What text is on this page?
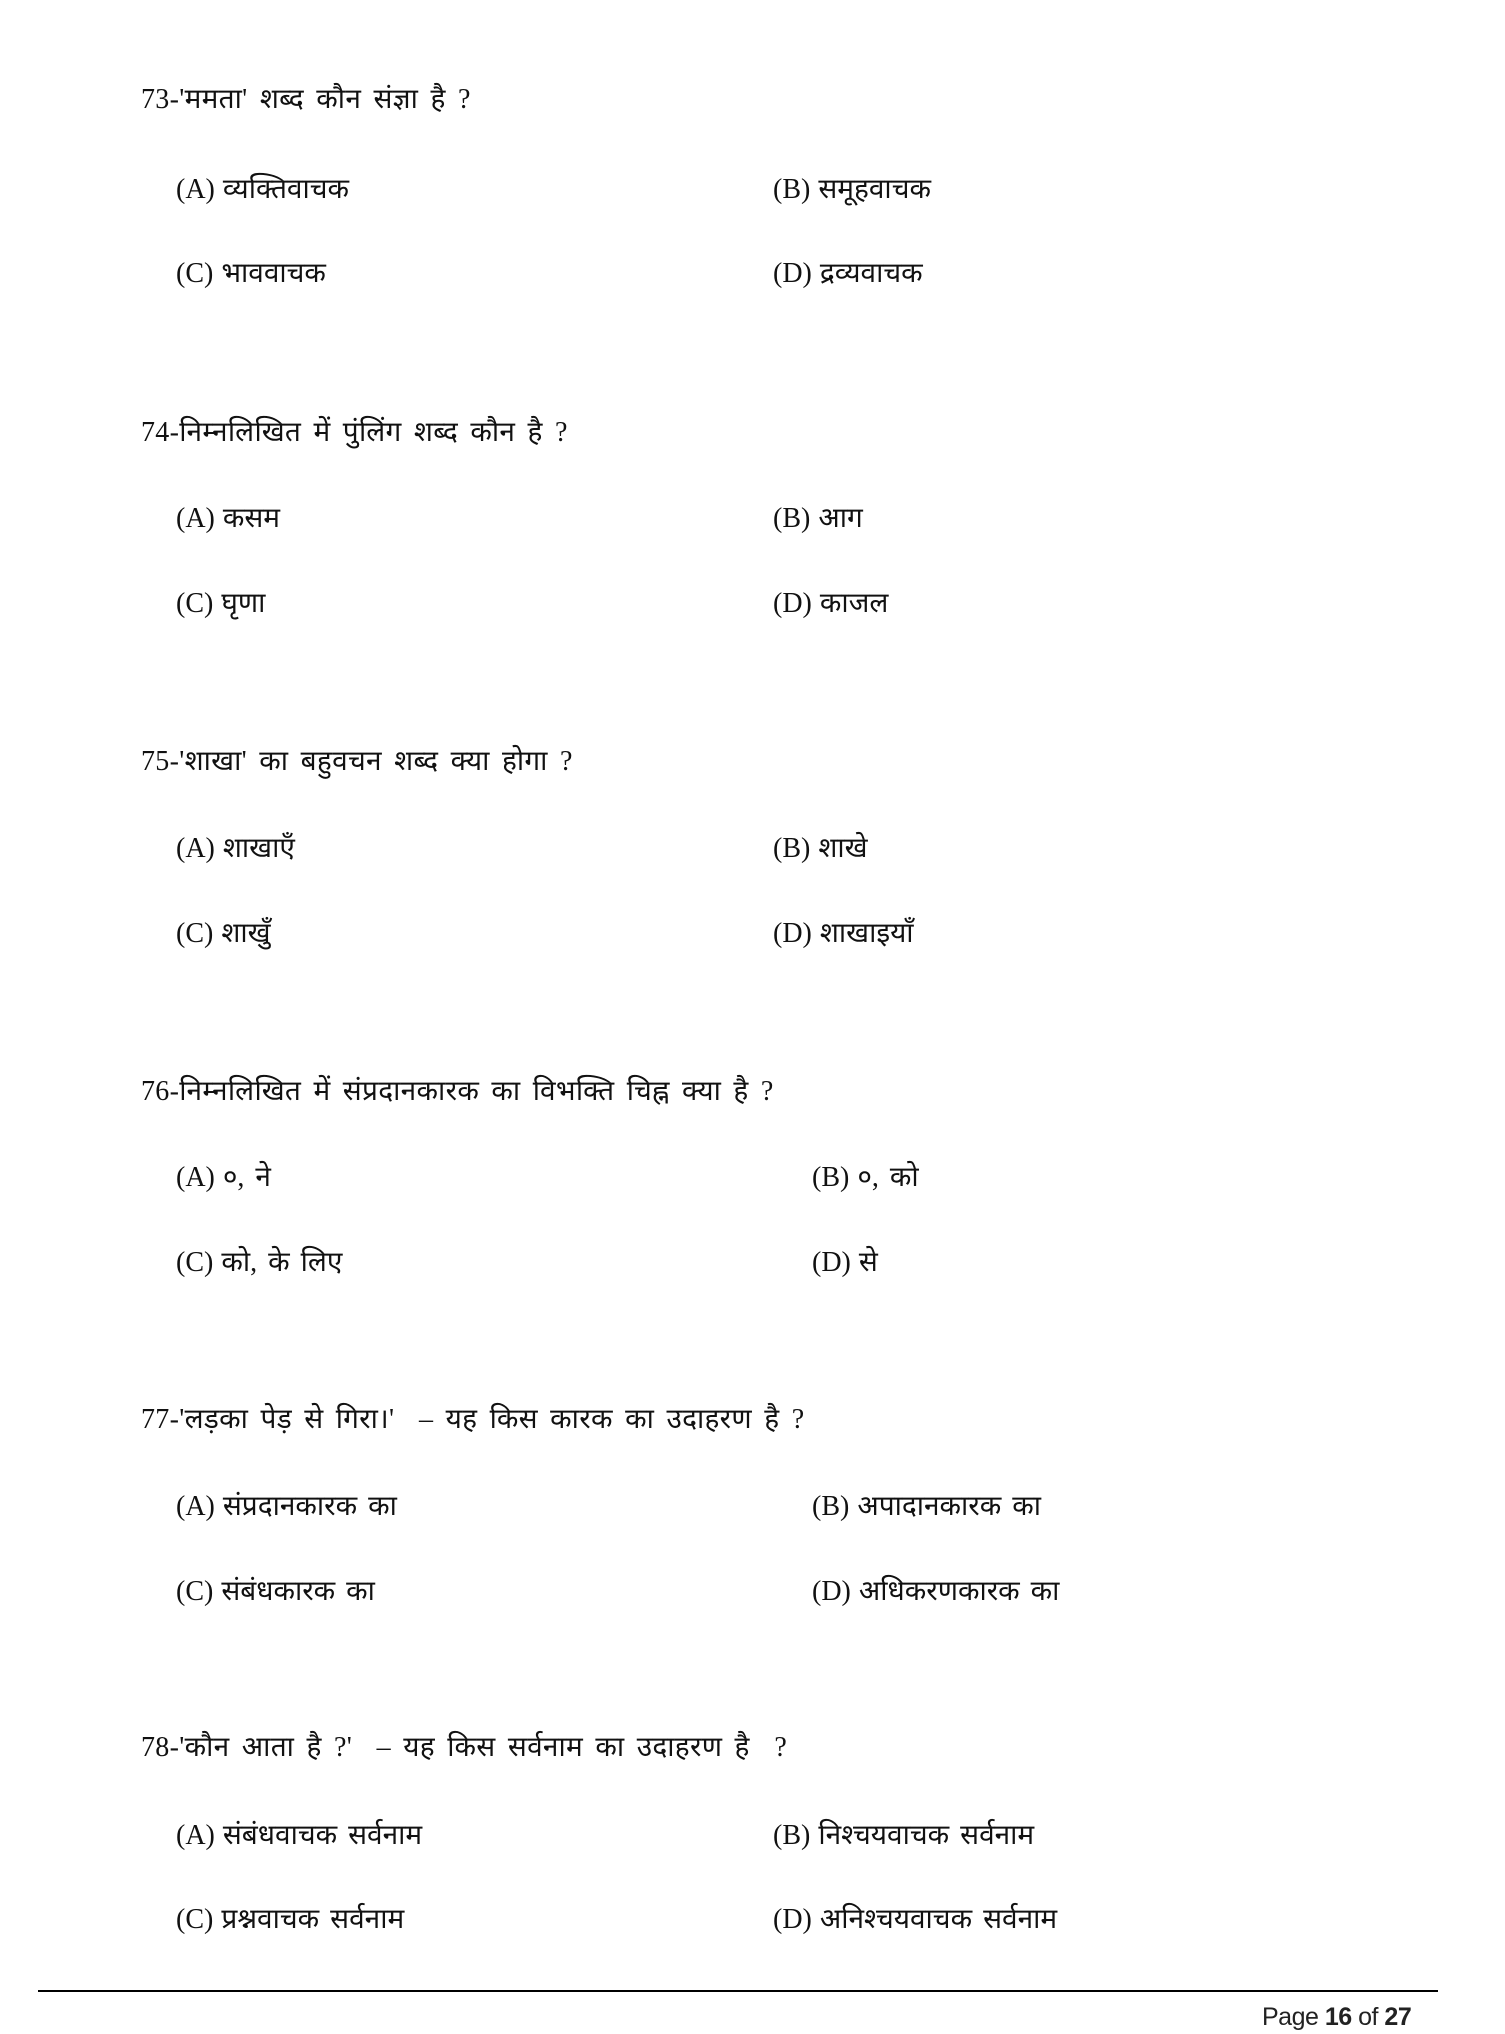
73-'ममता' शब्द कौन संज्ञा है ?
(A) व्यक्तिवाचक	(B) समूहवाचक
(C) भाववाचक	(D) द्रव्यवाचक
74-निम्नलिखित में पुंलिंग शब्द कौन है ?
(A) कसम	(B) आग
(C) घृणा	(D) काजल
75-'शाखा' का बहुवचन शब्द क्या होगा ?
(A) शाखाएँ	(B) शाखे
(C) शाखुँ	(D) शाखाइयाँ
76-निम्नलिखित में संप्रदानकारक का विभक्ति चिह्न क्या है ?
(A) ०, ने	(B) ०, को
(C) को, के लिए	(D) से
77-'लड़का पेड़ से गिरा।'  – यह किस कारक का उदाहरण है ?
(A) संप्रदानकारक का	(B) अपादानकारक का
(C) संबंधकारक का	(D) अधिकरणकारक का
78-'कौन आता है ?'  – यह किस सर्वनाम का उदाहरण है  ?
(A) संबंधवाचक सर्वनाम	(B) निश्चयवाचक सर्वनाम
(C) प्रश्नवाचक सर्वनाम	(D) अनिश्चयवाचक सर्वनाम
Page 16 of 27
